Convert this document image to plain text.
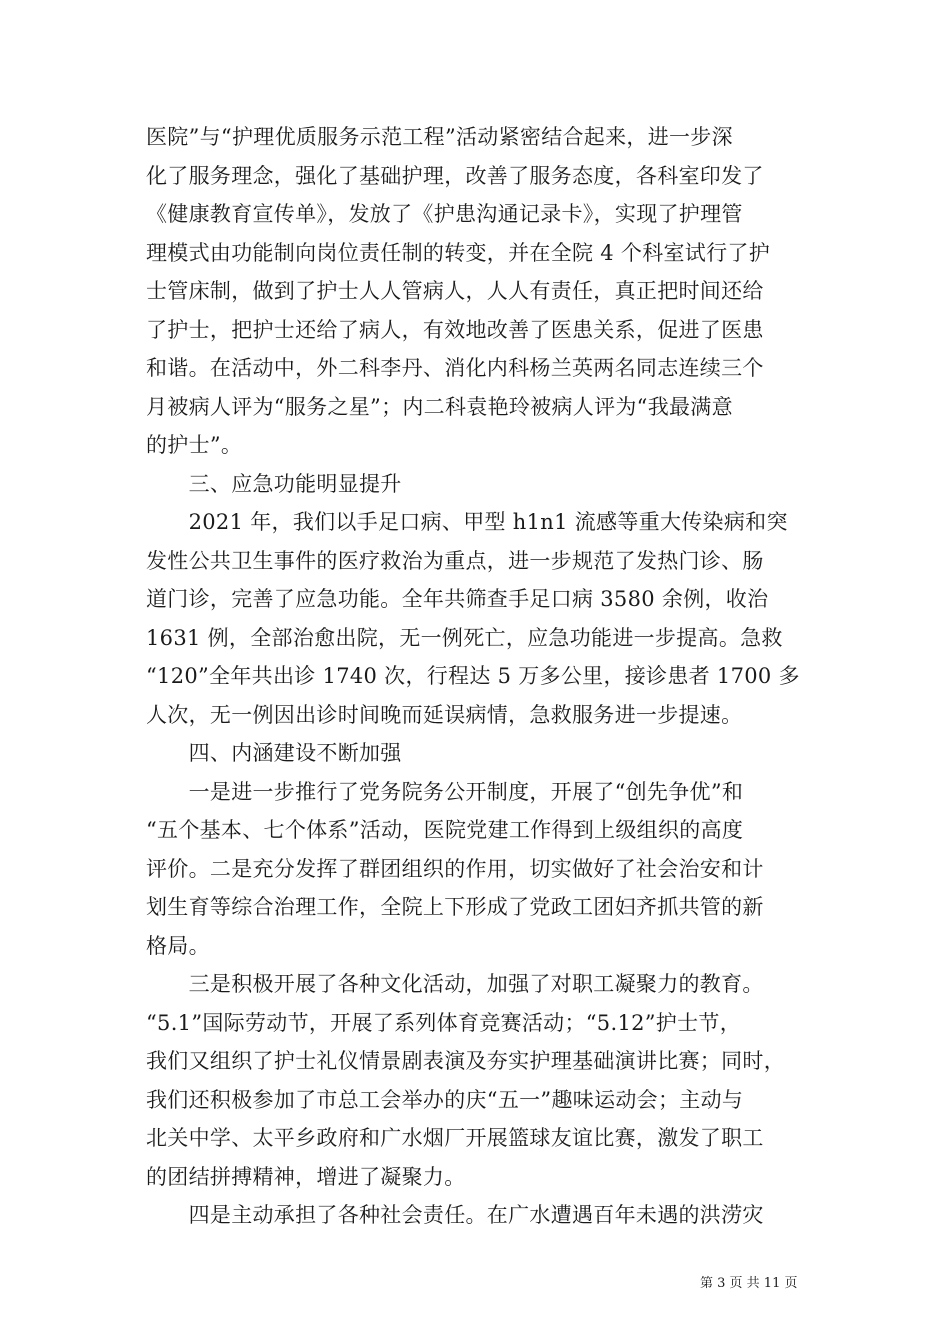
医院”与“护理优质服务示范工程”活动紧密结合起来，进一步深
化了服务理念，强化了基础护理，改善了服务态度，各科室印发了
《健康教育宣传单》，发放了《护患沟通记录卡》，实现了护理管
理模式由功能制向岗位责任制的转变，并在全院 4 个科室试行了护
士管床制，做到了护士人人管病人，人人有责任，真正把时间还给
了护士，把护士还给了病人，有效地改善了医患关系，促进了医患
和谐。在活动中，外二科李丹、消化内科杨兰英两名同志连续三个
月被病人评为“服务之星”；内二科袁艳玲被病人评为“我最满意
的护士”。
　　三、应急功能明显提升
　　2021 年，我们以手足口病、甲型 h1n1 流感等重大传染病和突
发性公共卫生事件的医疗救治为重点，进一步规范了发热门诊、肠
道门诊，完善了应急功能。全年共筛查手足口病 3580 余例，收治
1631 例，全部治愈出院，无一例死亡，应急功能进一步提高。急救
“120”全年共出诊 1740 次，行程达 5 万多公里，接诊患者 1700 多
人次，无一例因出诊时间晚而延误病情，急救服务进一步提速。
　　四、内涵建设不断加强
　　一是进一步推行了党务院务公开制度，开展了“创先争优”和
“五个基本、七个体系”活动，医院党建工作得到上级组织的高度
评价。二是充分发挥了群团组织的作用，切实做好了社会治安和计
划生育等综合治理工作，全院上下形成了党政工团妇齐抓共管的新
格局。
　　三是积极开展了各种文化活动，加强了对职工凝聚力的教育。
“5.1”国际劳动节，开展了系列体育竞赛活动；“5.12”护士节，
我们又组织了护士礼仪情景剧表演及夯实护理基础演讲比赛；同时，
我们还积极参加了市总工会举办的庆“五一”趣味运动会；主动与
北关中学、太平乡政府和广水烟厂开展篮球友谊比赛，激发了职工
的团结拼搏精神，增进了凝聚力。
　　四是主动承担了各种社会责任。在广水遭遇百年未遇的洪涝灾
第 3 页 共 11 页
